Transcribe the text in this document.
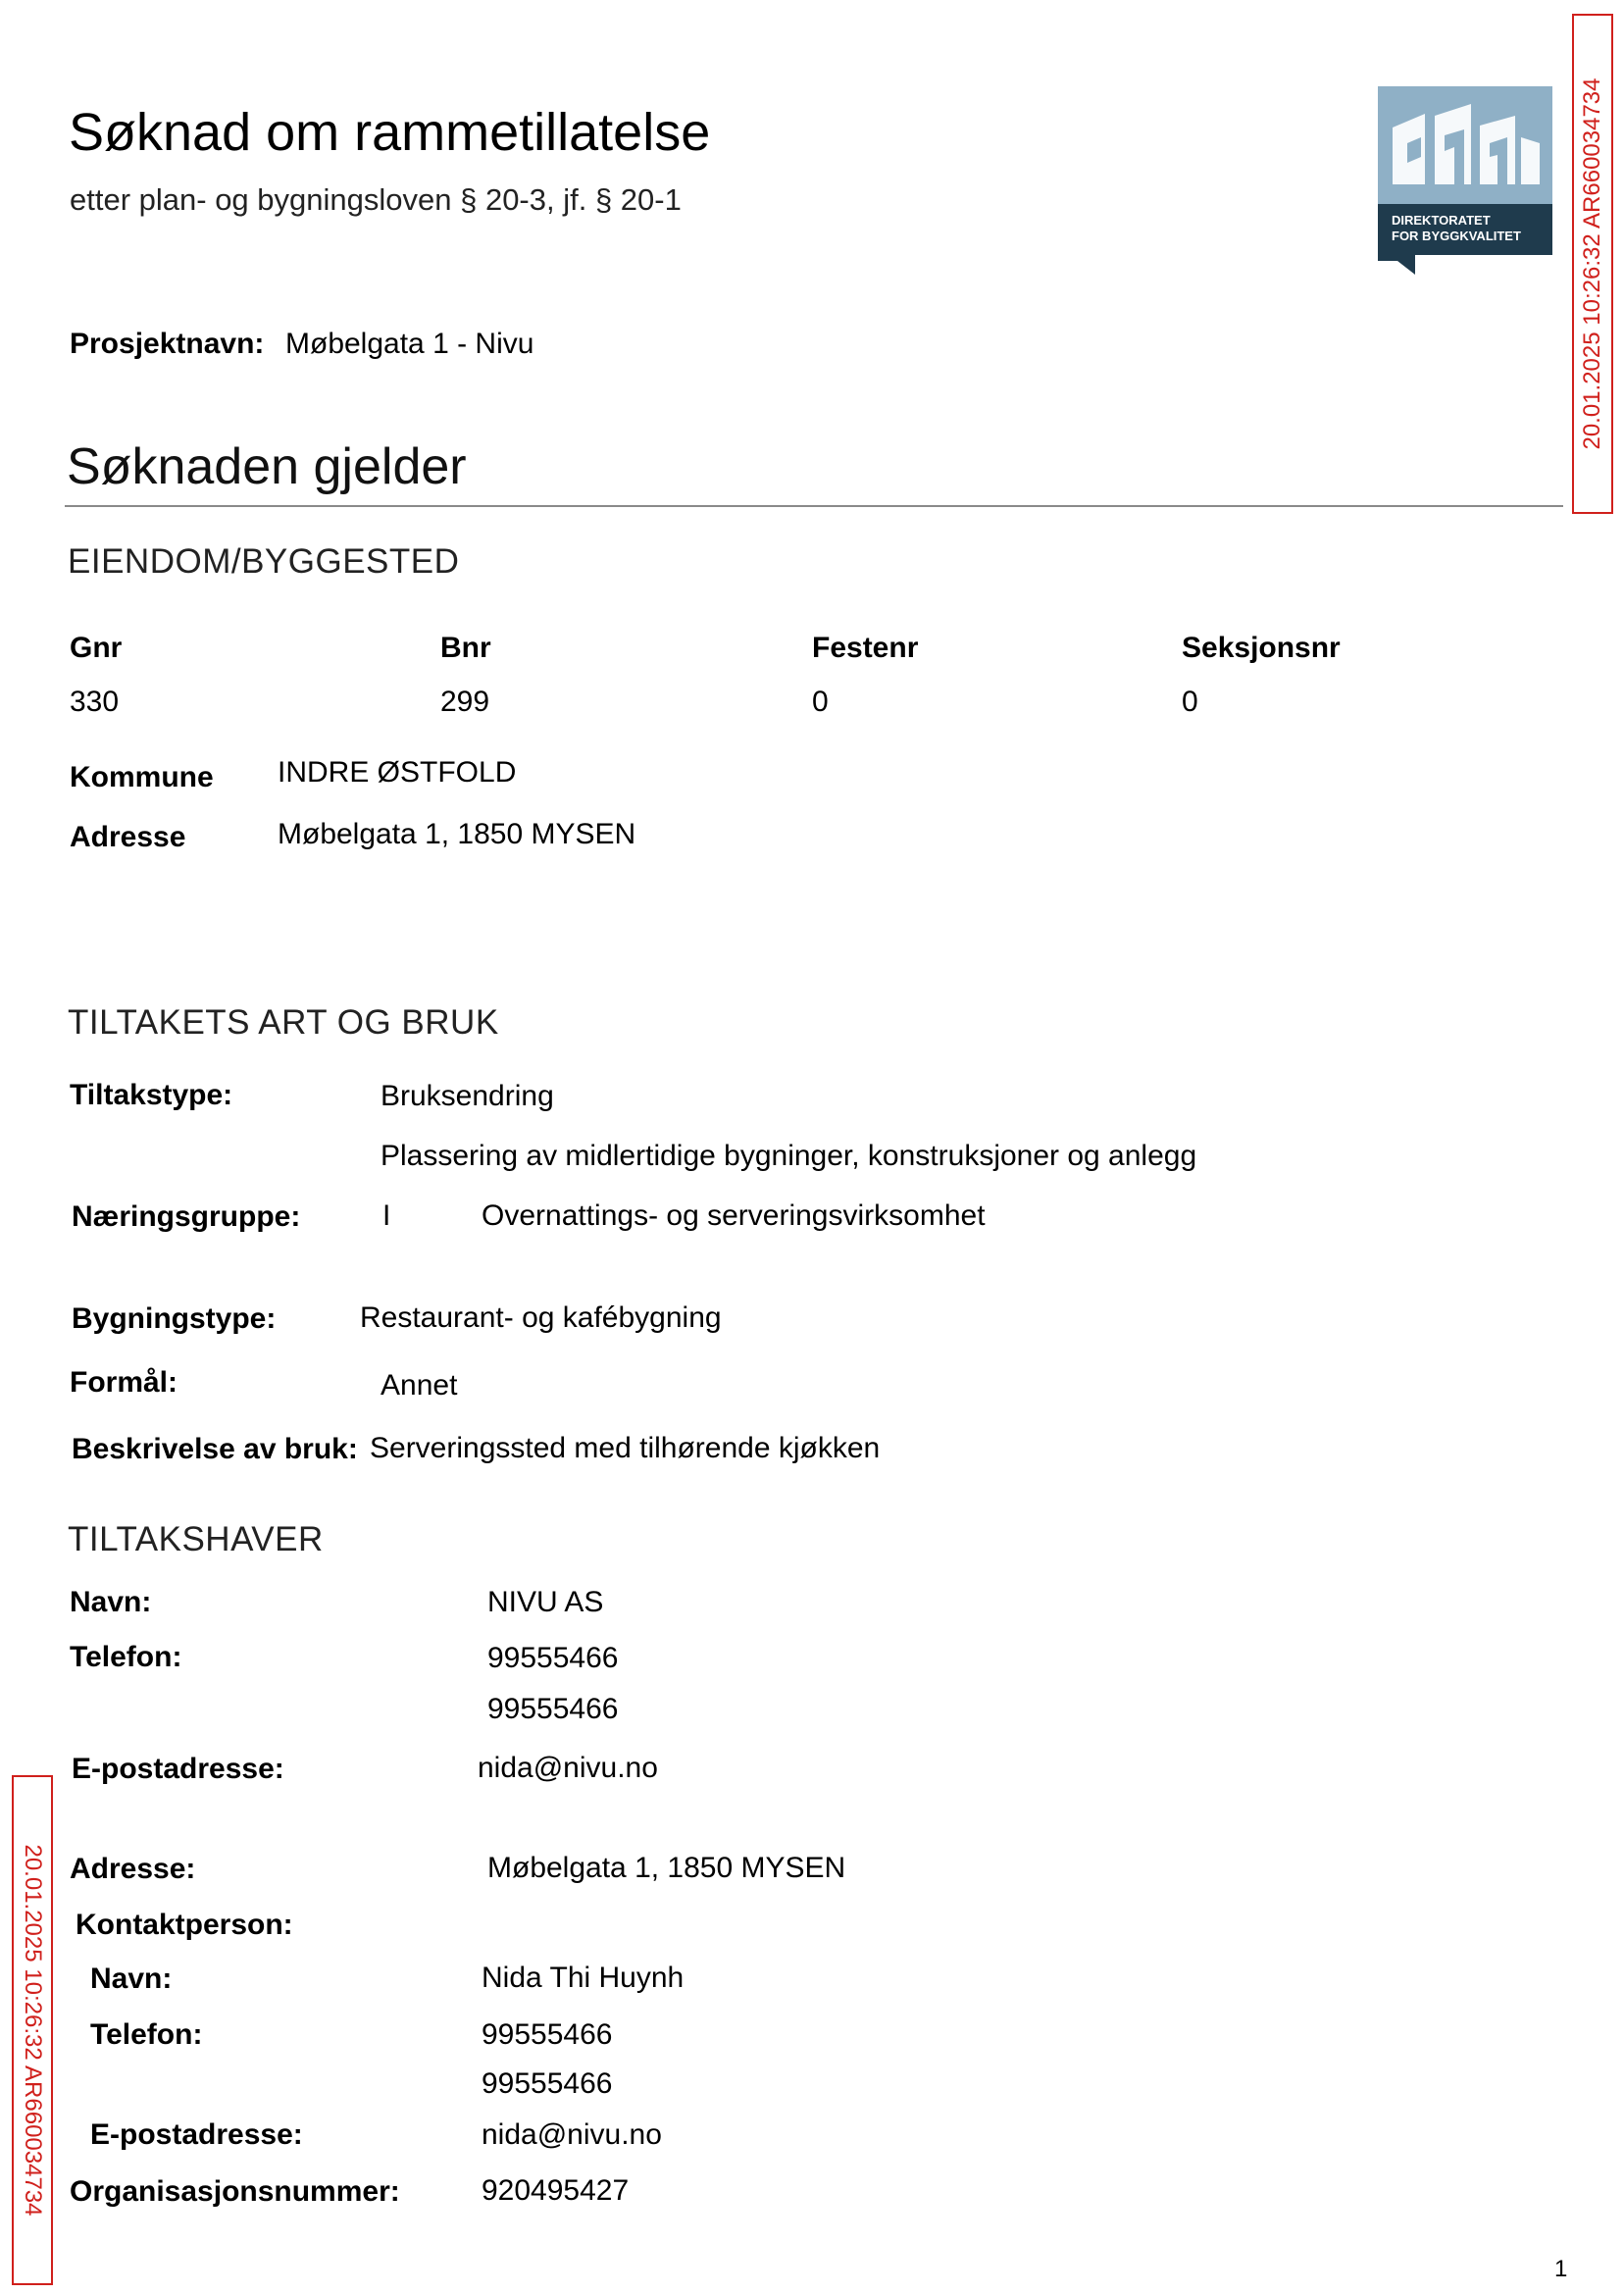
Søknad om rammetillatelse
etter plan- og bygningsloven § 20-3, jf. § 20-1
DIREKTORATET
FOR BYGGKVALITET 20.01.2025 10:26:32 AR660034734
20.01.2025 10:26:32 AR660034734
Prosjektnavn: Møbelgata 1 - Nivu
Søknaden gjelder
EIENDOM/BYGGESTED
Gnr	Bnr	Festenr	Seksjonsnr
330	299	0	0
Kommune INDRE ØSTFOLD
Adresse	Møbelgata 1, 1850 MYSEN
TILTAKETS ART OG BRUK
Tiltakstype:	Bruksendring
Plassering av midlertidige bygninger, konstruksjoner og anlegg
Næringsgruppe:	I	Overnattings- og serveringsvirksomhet
Bygningstype:	Restaurant- og kafébygning
Formål:	Annet
Beskrivelse av bruk: Serveringssted med tilhørende kjøkken
TILTAKSHAVER
Navn:	NIVU AS
Telefon:	99555466
99555466
E-postadresse:	nida@nivu.no
Adresse:	Møbelgata 1, 1850 MYSEN
Kontaktperson:
Navn:	Nida Thi Huynh
Telefon:	99555466
99555466
E-postadresse:	nida@nivu.no
Organisasjonsnummer:	920495427
1
